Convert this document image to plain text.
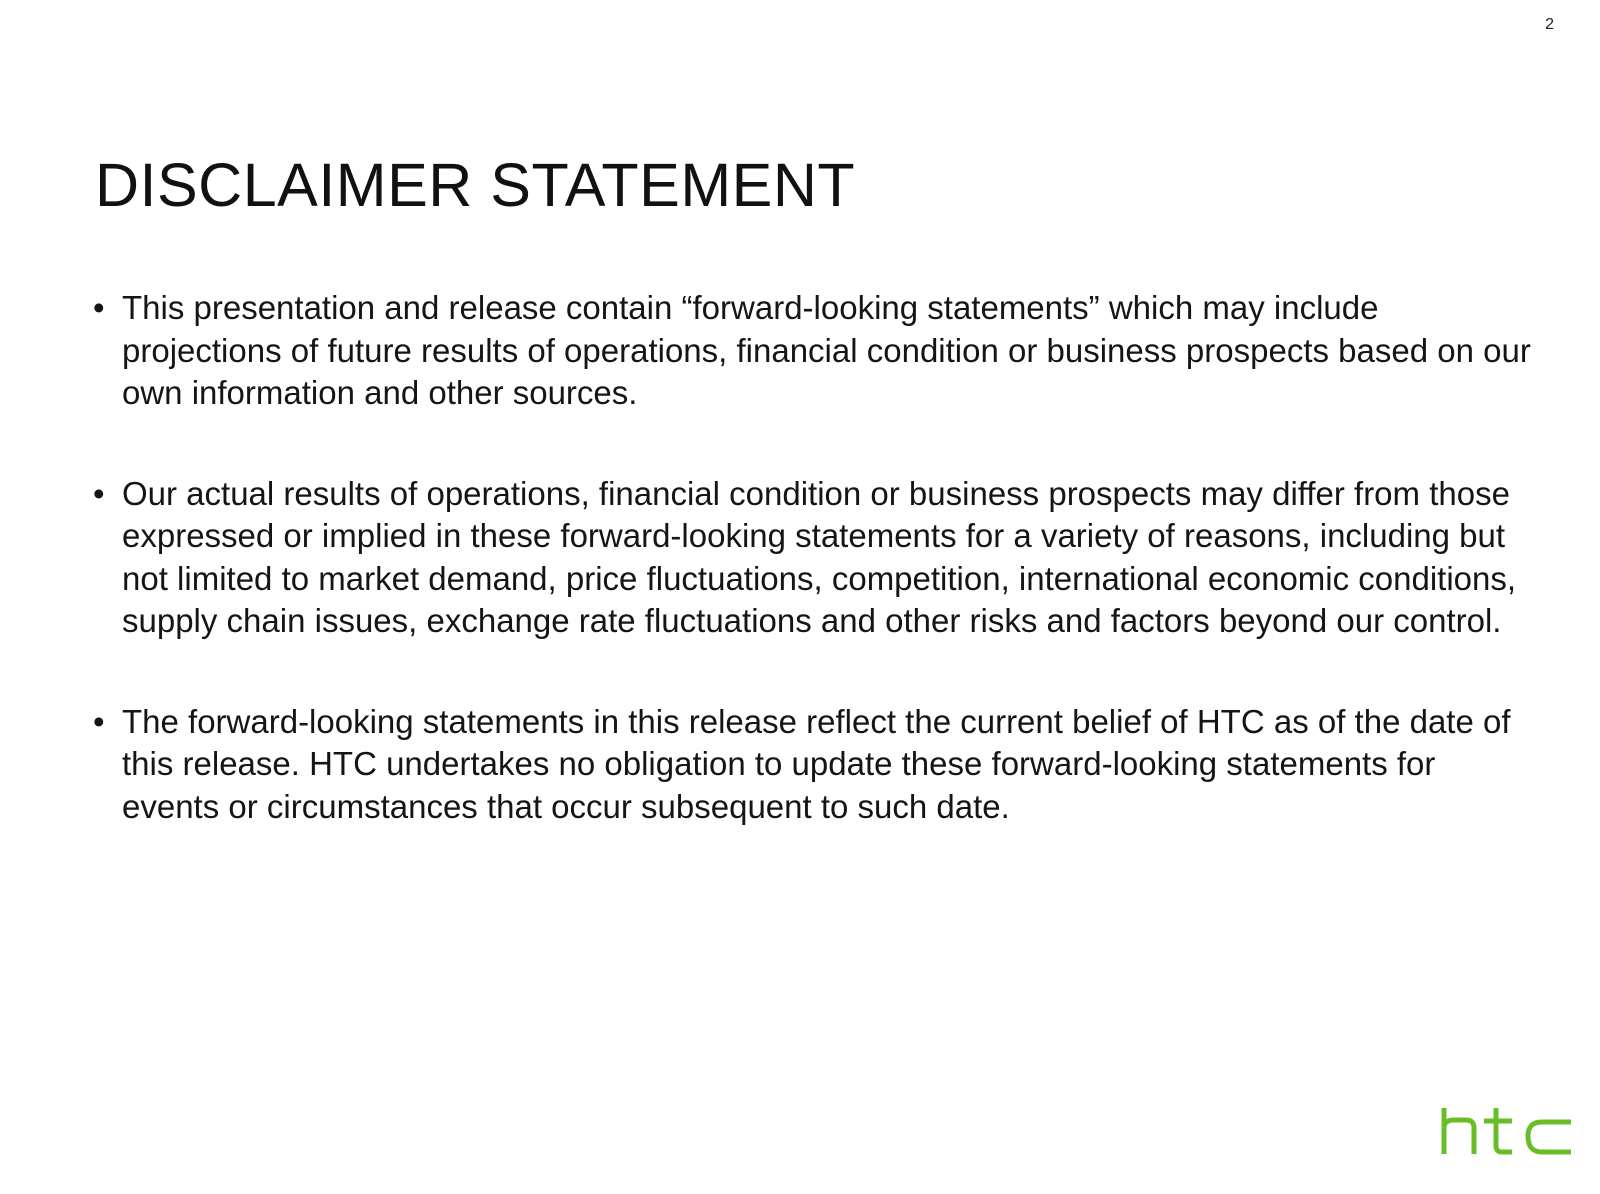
2
DISCLAIMER STATEMENT
• This presentation and release contain “forward-looking statements” which may include projections of future results of operations, financial condition or business prospects based on our own information and other sources.
• Our actual results of operations, financial condition or business prospects may differ from those expressed or implied in these forward-looking statements for a variety of reasons, including but not limited to market demand, price fluctuations, competition, international economic conditions, supply chain issues, exchange rate fluctuations and other risks and factors beyond our control.
• The forward-looking statements in this release reflect the current belief of HTC as of the date of this release. HTC undertakes no obligation to update these forward-looking statements for events or circumstances that occur subsequent to such date.
